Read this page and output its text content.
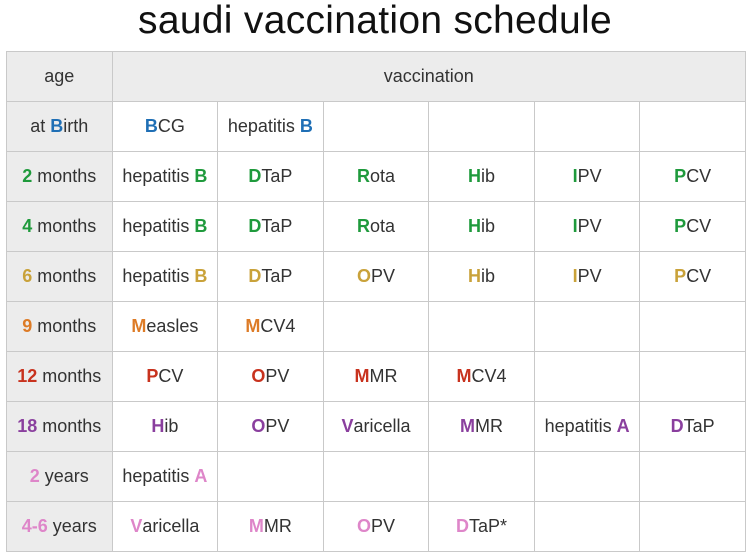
saudi vaccination schedule
age	vaccination					
at Birth	BCG	hepatitis B				
2 months	hepatitis B	DTaP	Rota	Hib	IPV	PCV
4 months	hepatitis B	DTaP	Rota	Hib	IPV	PCV
6 months	hepatitis B	DTaP	OPV	Hib	IPV	PCV
9 months	Measles	MCV4				
12 months	PCV	OPV	MMR	MCV4		
18 months	Hib	OPV	Varicella	MMR	hepatitis A	DTaP
2 years	hepatitis A					
4-6 years	Varicella	MMR	OPV	DTaP*		
